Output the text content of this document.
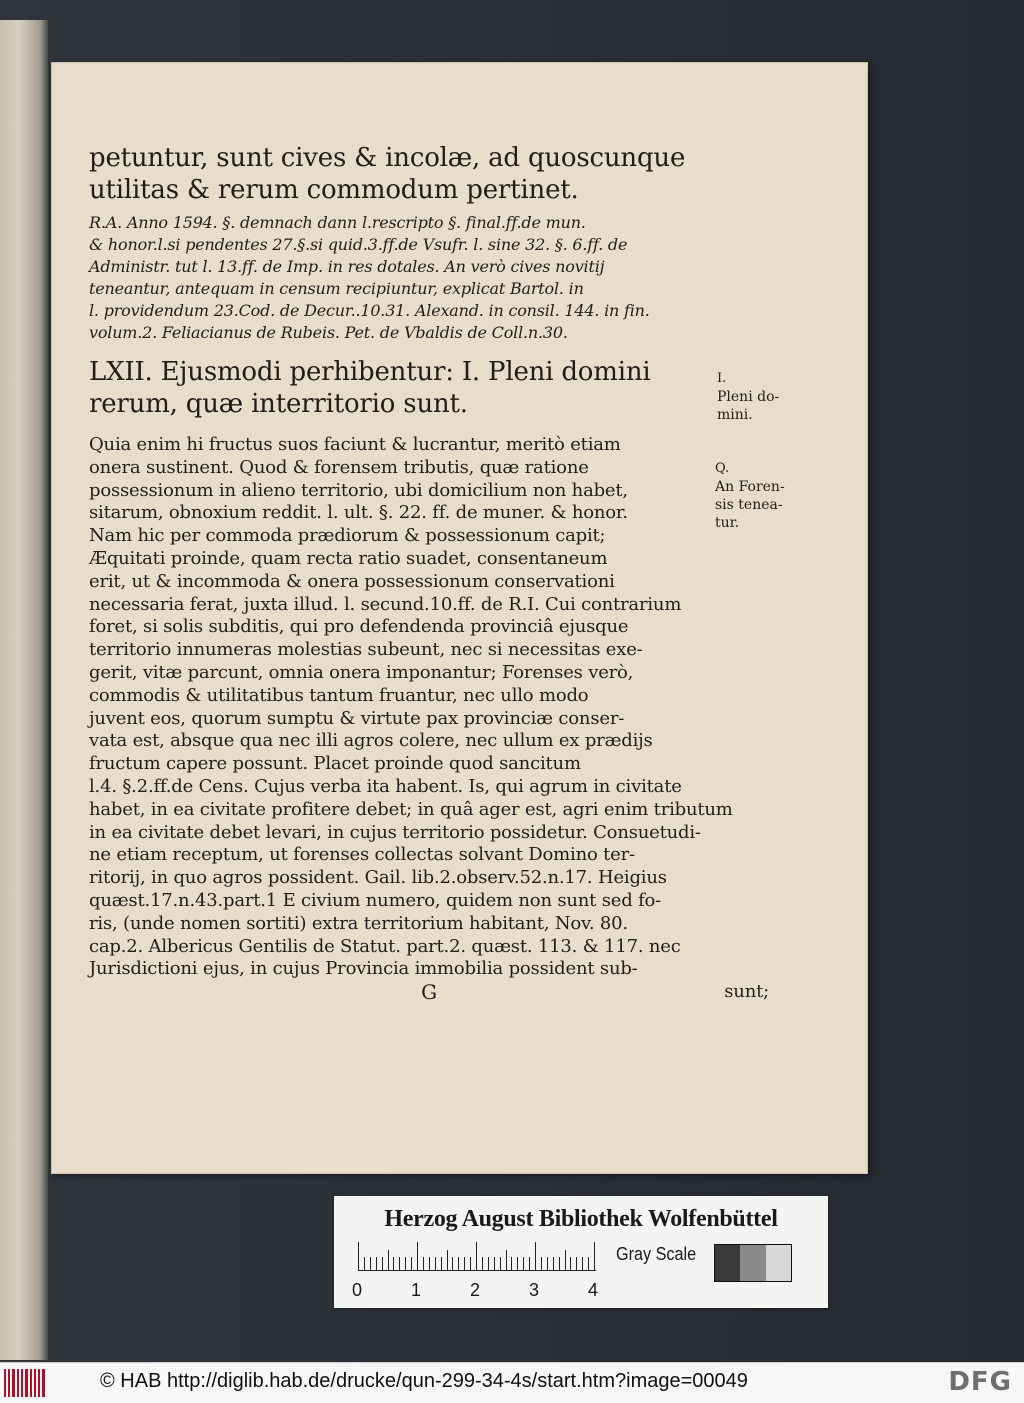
petuntur, sunt cives & incolæ, ad quoscunque
utilitas & rerum commodum pertinet.
R.A. Anno 1594. §. demnach dann l.rescripto §. final.ff.de mun.
& honor.l.si pendentes 27.§.si quid.3.ff.de Vsufr. l. sine 32. §. 6.ff. de
Administr. tut l. 13.ff. de Imp. in res dotales. An verò cives novitij
teneantur, antequam in censum recipiuntur, explicat Bartol. in
l. providendum 23.Cod. de Decur..10.31. Alexand. in consil. 144. in fin.
volum.2. Feliacianus de Rubeis. Pet. de Vbaldis de Coll.n.30.
LXII. Ejusmodi perhibentur: I. Pleni domini
rerum, quæ interritorio sunt.
Quia enim hi fructus suos faciunt & lucrantur, meritò etiam
onera sustinent. Quod & forensem tributis, quæ ratione
possessionum in alieno territorio, ubi domicilium non habet,
sitarum, obnoxium reddit. l. ult. §. 22. ff. de muner. & honor.
Nam hic per commoda prædiorum & possessionum capit;
Æquitati proinde, quam recta ratio suadet, consentaneum
erit, ut & incommoda & onera possessionum conservationi
necessaria ferat, juxta illud. l. secund.10.ff. de R.I. Cui contrarium
foret, si solis subditis, qui pro defendenda provinciâ ejusque
territorio innumeras molestias subeunt, nec si necessitas exe-
gerit, vitæ parcunt, omnia onera imponantur; Forenses verò,
commodis & utilitatibus tantum fruantur, nec ullo modo
juvent eos, quorum sumptu & virtute pax provinciæ conser-
vata est, absque qua nec illi agros colere, nec ullum ex prædijs
fructum capere possunt. Placet proinde quod sancitum
l.4. §.2.ff.de Cens. Cujus verba ita habent. Is, qui agrum in civitate
habet, in ea civitate profitere debet; in quâ ager est, agri enim tributum
in ea civitate debet levari, in cujus territorio possidetur. Consuetudi-
ne etiam receptum, ut forenses collectas solvant Domino ter-
ritorij, in quo agros possident. Gail. lib.2.observ.52.n.17. Heigius
quæst.17.n.43.part.1 E civium numero, quidem non sunt sed fo-
ris, (unde nomen sortiti) extra territorium habitant, Nov. 80.
cap.2. Albericus Gentilis de Statut. part.2. quæst. 113. & 117. nec
Jurisdictioni ejus, in cujus Provincia immobilia possident sub-
G	sunt;
I.
Pleni do-
mini.
Q.
An Foren-
sis tenea-
tur.
Herzog August Bibliothek Wolfenbüttel
0	1	2	3	4
Gray Scale
© HAB http://diglib.hab.de/drucke/qun-299-34-4s/start.htm?image=00049	DFG
